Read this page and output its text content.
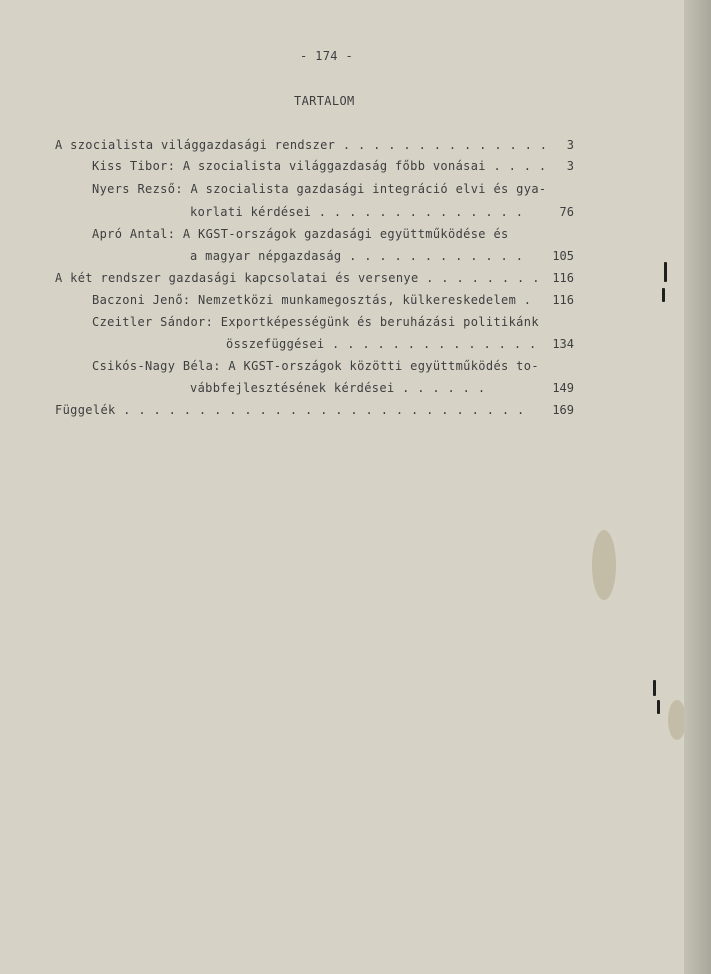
- 174 -
TARTALOM
A szocialista világgazdasági rendszer . . . . . . . . . . . . . .	3
Kiss Tibor: A szocialista világgazdaság főbb vonásai . . . .	3
Nyers Rezső: A szocialista gazdasági integráció elvi és gya-
korlati kérdései . . . . . . . . . . . . . .	76
Apró Antal: A KGST-országok gazdasági együttműködése és
a magyar népgazdaság . . . . . . . . . . . .	105
A két rendszer gazdasági kapcsolatai és versenye . . . . . . . .	116
Baczoni Jenő: Nemzetközi munkamegosztás, külkereskedelem .	116
Czeitler Sándor: Exportképességünk és beruházási politikánk
összefüggései . . . . . . . . . . . . . .	134
Csikós-Nagy Béla: A KGST-országok közötti együttműködés to-
vábbfejlesztésének kérdései . . . . . .	149
Függelék . . . . . . . . . . . . . . . . . . . . . . . . . . .	169
